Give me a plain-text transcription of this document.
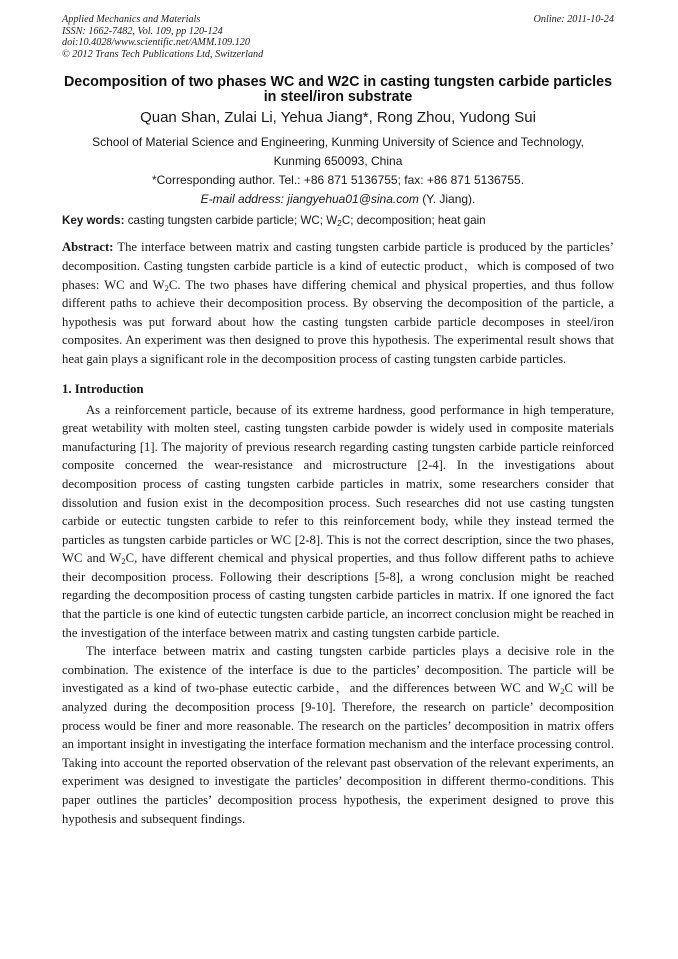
Applied Mechanics and Materials
ISSN: 1662-7482, Vol. 109, pp 120-124
doi:10.4028/www.scientific.net/AMM.109.120
© 2012 Trans Tech Publications Ltd, Switzerland
Online: 2011-10-24
Decomposition of two phases WC and W2C in casting tungsten carbide particles in steel/iron substrate
Quan Shan, Zulai Li, Yehua Jiang*, Rong Zhou, Yudong Sui
School of Material Science and Engineering, Kunming University of Science and Technology,
Kunming 650093, China
*Corresponding author. Tel.: +86 871 5136755; fax: +86 871 5136755.
E-mail address: jiangyehua01@sina.com (Y. Jiang).
Key words: casting tungsten carbide particle; WC; $W_2C$; decomposition; heat gain

Abstract: The interface between matrix and casting tungsten carbide particle is produced by the particles’ decomposition. Casting tungsten carbide particle is a kind of eutectic product，which is composed of two phases: WC and $W_2C$. The two phases have differing chemical and physical properties, and thus follow different paths to achieve their decomposition process. By observing the decomposition of the particle, a hypothesis was put forward about how the casting tungsten carbide particle decomposes in steel/iron composites. An experiment was then designed to prove this hypothesis. The experimental result shows that heat gain plays a significant role in the decomposition process of casting tungsten carbide particles.

1. Introduction

As a reinforcement particle, because of its extreme hardness, good performance in high temperature, great wetability with molten steel, casting tungsten carbide powder is widely used in composite materials manufacturing [1]. The majority of previous research regarding casting tungsten carbide particle reinforced composite concerned the wear-resistance and microstructure [2-4]. In the investigations about decomposition process of casting tungsten carbide particles in matrix, some researchers consider that dissolution and fusion exist in the decomposition process. Such researches did not use casting tungsten carbide or eutectic tungsten carbide to refer to this reinforcement body, while they instead termed the particles as tungsten carbide particles or WC [2-8]. This is not the correct description, since the two phases, WC and $W_2C$, have different chemical and physical properties, and thus follow different paths to achieve their decomposition process. Following their descriptions [5-8], a wrong conclusion might be reached regarding the decomposition process of casting tungsten carbide particles in matrix. If one ignored the fact that the particle is one kind of eutectic tungsten carbide particle, an incorrect conclusion might be reached in the investigation of the interface between matrix and casting tungsten carbide particle.

The interface between matrix and casting tungsten carbide particles plays a decisive role in the combination. The existence of the interface is due to the particles’ decomposition. The particle will be investigated as a kind of two-phase eutectic carbide，and the differences between WC and $W_2C$ will be analyzed during the decomposition process [9-10]. Therefore, the research on particle’ decomposition process would be finer and more reasonable. The research on the particles’ decomposition in matrix offers an important insight in investigating the interface formation mechanism and the interface processing control. Taking into account the reported observation of the relevant past observation of the relevant experiments, an experiment was designed to investigate the particles’ decomposition in different thermo-conditions. This paper outlines the particles’ decomposition process hypothesis, the experiment designed to prove this hypothesis and subsequent findings.
